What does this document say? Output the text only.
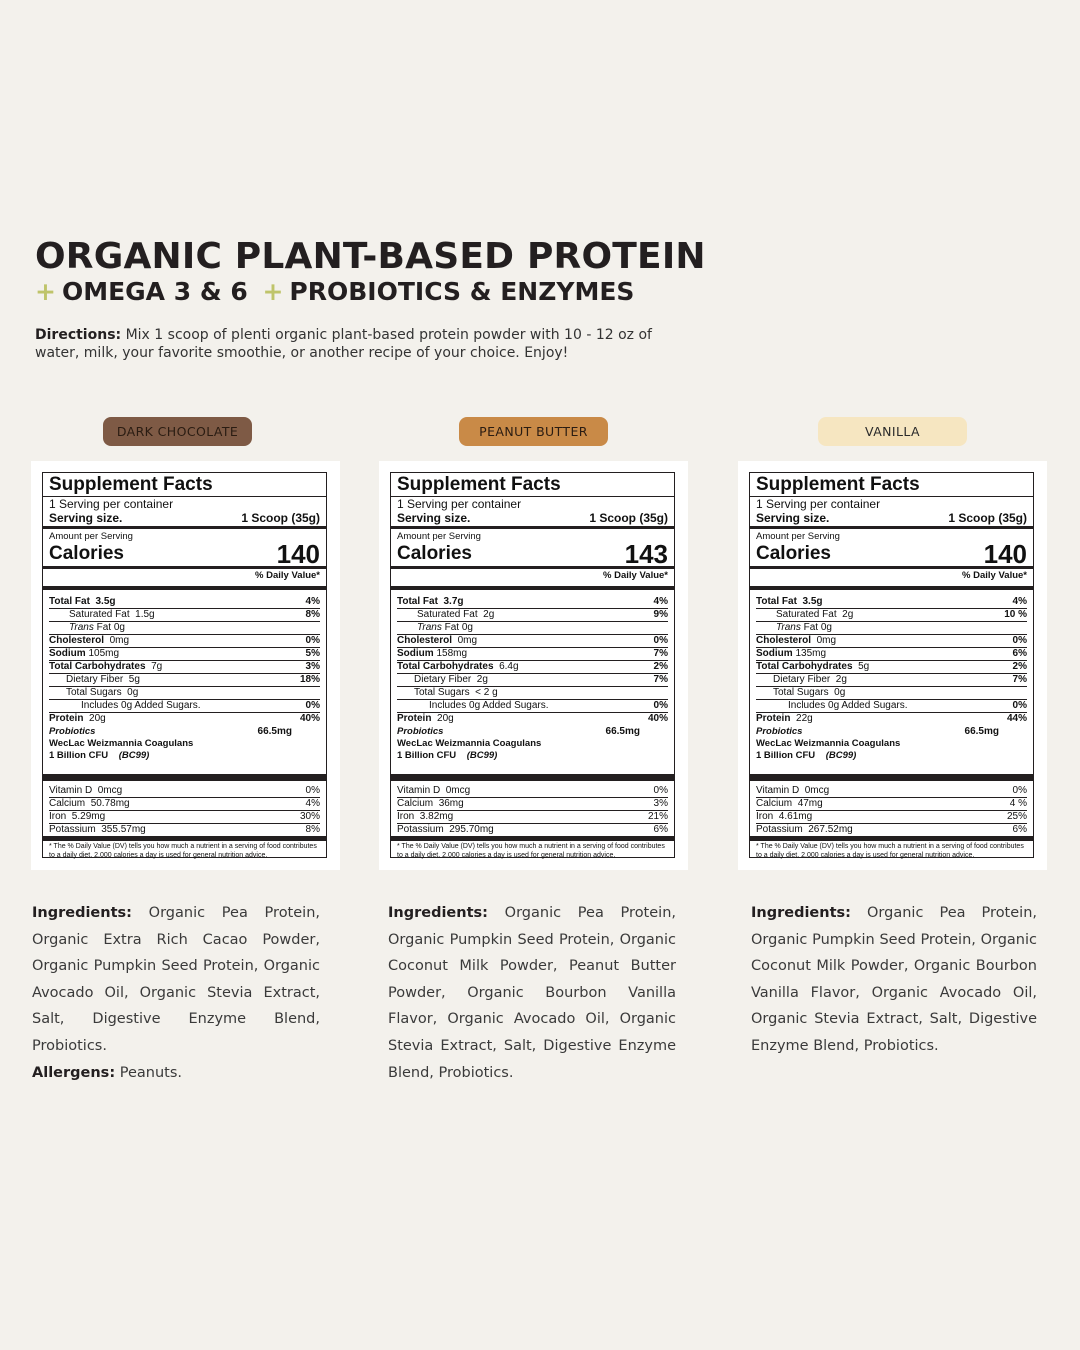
ORGANIC PLANT-BASED PROTEIN
+ OMEGA 3 & 6 + PROBIOTICS & ENZYMES
Directions: Mix 1 scoop of plenti organic plant-based protein powder with 10 - 12 oz of water, milk, your favorite smoothie, or another recipe of your choice. Enjoy!
DARK CHOCOLATE	PEANUT BUTTER	VANILLA
Supplement Facts
1 Serving per container
Serving size.	1 Scoop (35g)
Amount per Serving
Calories	140
% Daily Value*
Total Fat 3.5g	4%
Saturated Fat  1.5g	8%
Trans Fat 0g
Cholesterol 0mg	0%
Sodium 105mg	5%
Total Carbohydrates 7g	3%
Dietary Fiber  5g	18%
Total Sugars  0g
Includes 0g Added Sugars.	0%
Protein 20g	40%
Probiotics	66.5mg
WecLac Weizmannia Coagulans
1 Billion CFU (BC99)
Vitamin D  0mcg	0%
Calcium  50.78mg	4%
Iron  5.29mg	30%
Potassium  355.57mg	8%
* The % Daily Value (DV) tells you how much a nutrient in a serving of food contributes to a daily diet. 2,000 calories a day is used for general nutrition advice.
Supplement Facts
1 Serving per container
Serving size.	1 Scoop (35g)
Amount per Serving
Calories	143
% Daily Value*
Total Fat 3.7g	4%
Saturated Fat  2g	9%
Trans Fat 0g
Cholesterol 0mg	0%
Sodium 158mg	7%
Total Carbohydrates 6.4g	2%
Dietary Fiber  2g	7%
Total Sugars  < 2 g
Includes 0g Added Sugars.	0%
Protein 20g	40%
Probiotics	66.5mg
WecLac Weizmannia Coagulans
1 Billion CFU (BC99)
Vitamin D  0mcg	0%
Calcium  36mg	3%
Iron  3.82mg	21%
Potassium  295.70mg	6%
* The % Daily Value (DV) tells you how much a nutrient in a serving of food contributes to a daily diet. 2,000 calories a day is used for general nutrition advice.
Supplement Facts
1 Serving per container
Serving size.	1 Scoop (35g)
Amount per Serving
Calories	140
% Daily Value*
Total Fat 3.5g	4%
Saturated Fat  2g	10 %
Trans Fat 0g
Cholesterol 0mg	0%
Sodium 135mg	6%
Total Carbohydrates 5g	2%
Dietary Fiber  2g	7%
Total Sugars  0g
Includes 0g Added Sugars.	0%
Protein 22g	44%
Probiotics	66.5mg
WecLac Weizmannia Coagulans
1 Billion CFU (BC99)
Vitamin D  0mcg	0%
Calcium  47mg	4 %
Iron  4.61mg	25%
Potassium  267.52mg	6%
* The % Daily Value (DV) tells you how much a nutrient in a serving of food contributes to a daily diet. 2,000 calories a day is used for general nutrition advice.
Ingredients: Organic Pea Protein, Organic Extra Rich Cacao Powder, Organic Pumpkin Seed Protein, Organic Avocado Oil, Organic Stevia Extract, Salt, Digestive Enzyme Blend, Probiotics.
Ingredients: Organic Pea Protein, Organic Pumpkin Seed Protein, Organic Coconut Milk Powder, Peanut Butter Powder, Organic Bourbon Vanilla Flavor, Organic Avocado Oil, Organic Stevia Extract, Salt, Digestive Enzyme Blend, Probiotics.
Ingredients: Organic Pea Protein, Organic Pumpkin Seed Protein, Organic Coconut Milk Powder, Organic Bourbon Vanilla Flavor, Organic Avocado Oil, Organic Stevia Extract, Salt, Digestive Enzyme Blend, Probiotics.
Allergens: Peanuts.
